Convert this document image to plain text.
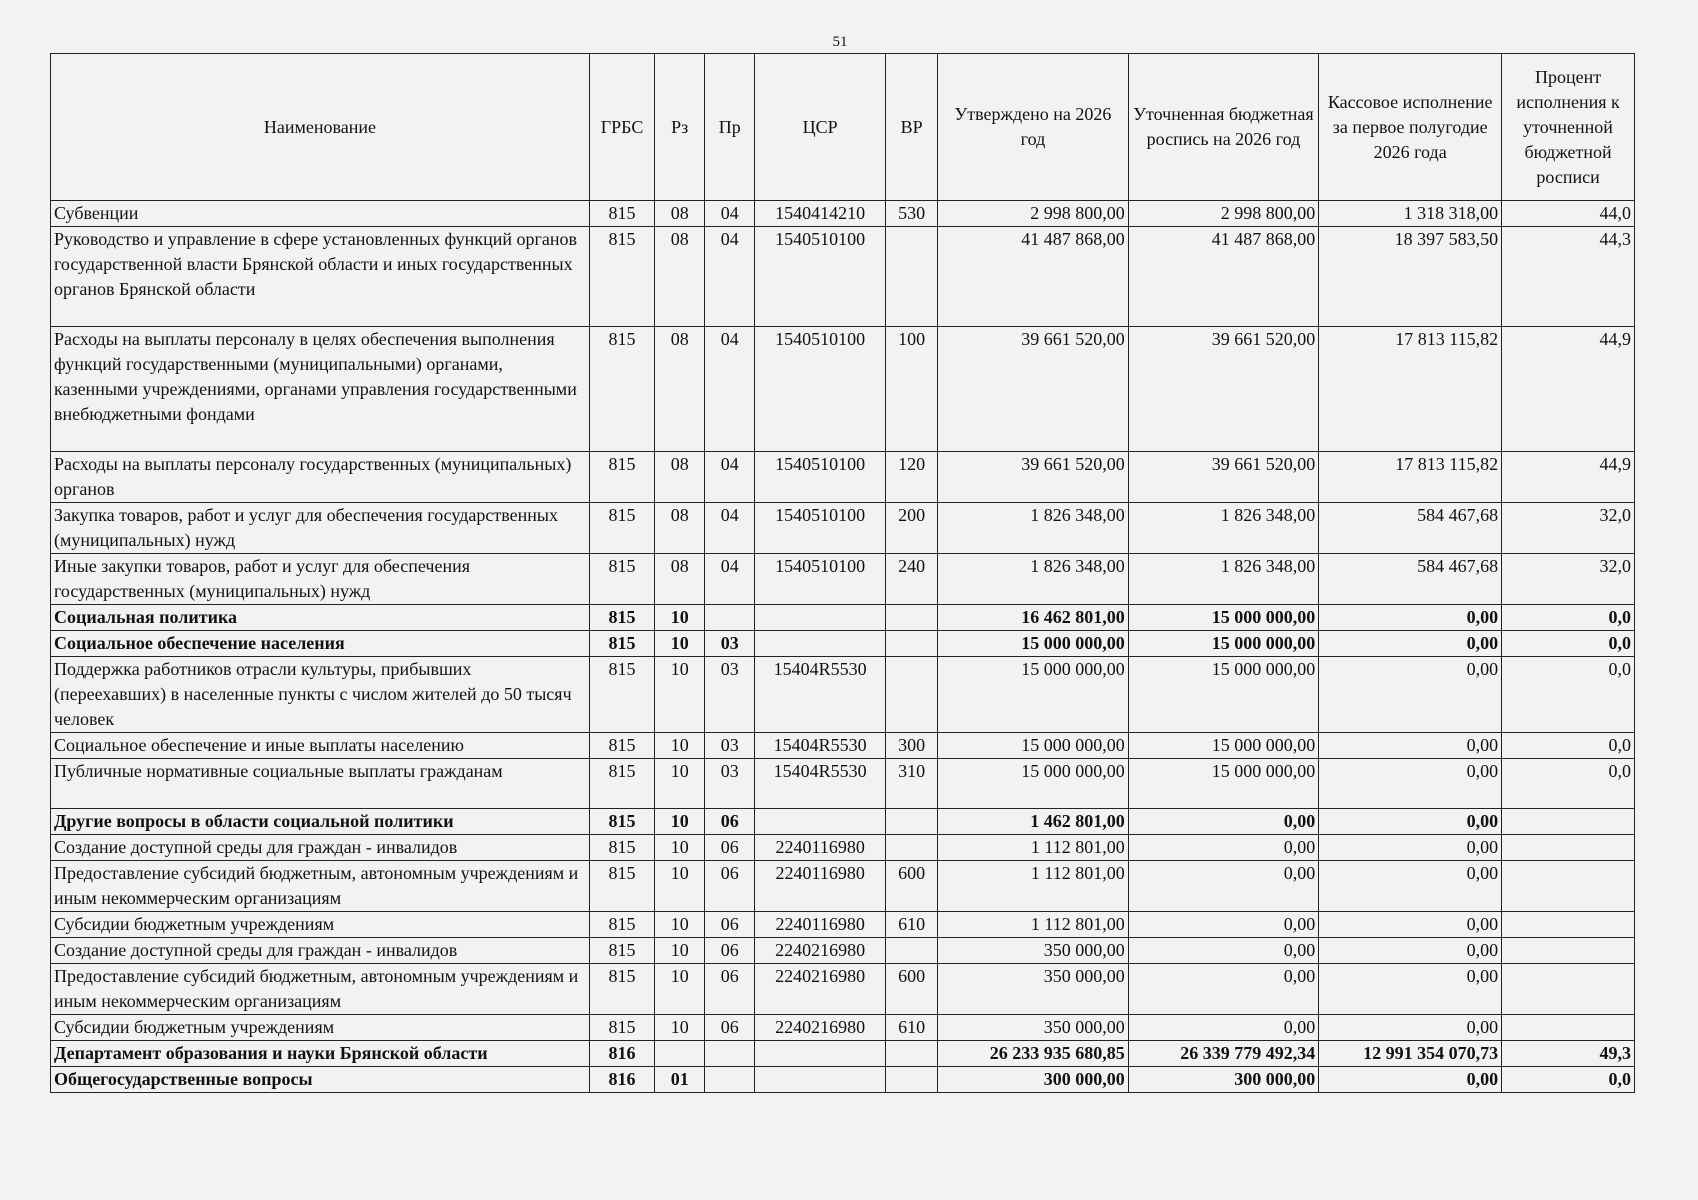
51
Наименование	ГРБС	Рз	Пр	ЦСР	ВР	Утверждено на 2026 год	Уточненная бюджетная роспись на 2026 год	Кассовое исполнение за первое полугодие 2026 года	Процент исполнения к уточненной бюджетной росписи
Субвенции	815	08	04	1540414210	530	2 998 800,00	2 998 800,00	1 318 318,00	44,0
Руководство и управление в сфере установленных функций органов государственной власти Брянской области и иных государственных органов Брянской области	815	08	04	1540510100		41 487 868,00	41 487 868,00	18 397 583,50	44,3
Расходы на выплаты персоналу в целях обеспечения выполнения функций государственными (муниципальными) органами, казенными учреждениями, органами управления государственными внебюджетными фондами	815	08	04	1540510100	100	39 661 520,00	39 661 520,00	17 813 115,82	44,9
Расходы на выплаты персоналу государственных (муниципальных) органов	815	08	04	1540510100	120	39 661 520,00	39 661 520,00	17 813 115,82	44,9
Закупка товаров, работ и услуг для обеспечения государственных (муниципальных) нужд	815	08	04	1540510100	200	1 826 348,00	1 826 348,00	584 467,68	32,0
Иные закупки товаров, работ и услуг для обеспечения государственных (муниципальных) нужд	815	08	04	1540510100	240	1 826 348,00	1 826 348,00	584 467,68	32,0
Социальная политика	815	10				16 462 801,00	15 000 000,00	0,00	0,0
Социальное обеспечение населения	815	10	03			15 000 000,00	15 000 000,00	0,00	0,0
Поддержка работников отрасли культуры, прибывших (переехавших) в населенные пункты с числом жителей до 50 тысяч человек	815	10	03	15404R5530		15 000 000,00	15 000 000,00	0,00	0,0
Социальное обеспечение и иные выплаты населению	815	10	03	15404R5530	300	15 000 000,00	15 000 000,00	0,00	0,0
Публичные нормативные социальные выплаты гражданам	815	10	03	15404R5530	310	15 000 000,00	15 000 000,00	0,00	0,0
Другие вопросы в области социальной политики	815	10	06			1 462 801,00	0,00	0,00	
Создание доступной среды для граждан - инвалидов	815	10	06	2240116980		1 112 801,00	0,00	0,00	
Предоставление субсидий бюджетным, автономным учреждениям и иным некоммерческим организациям	815	10	06	2240116980	600	1 112 801,00	0,00	0,00	
Субсидии бюджетным учреждениям	815	10	06	2240116980	610	1 112 801,00	0,00	0,00	
Создание доступной среды для граждан - инвалидов	815	10	06	2240216980		350 000,00	0,00	0,00	
Предоставление субсидий бюджетным, автономным учреждениям и иным некоммерческим организациям	815	10	06	2240216980	600	350 000,00	0,00	0,00	
Субсидии бюджетным учреждениям	815	10	06	2240216980	610	350 000,00	0,00	0,00	
Департамент образования и науки Брянской области	816					26 233 935 680,85	26 339 779 492,34	12 991 354 070,73	49,3
Общегосударственные вопросы	816	01				300 000,00	300 000,00	0,00	0,0
